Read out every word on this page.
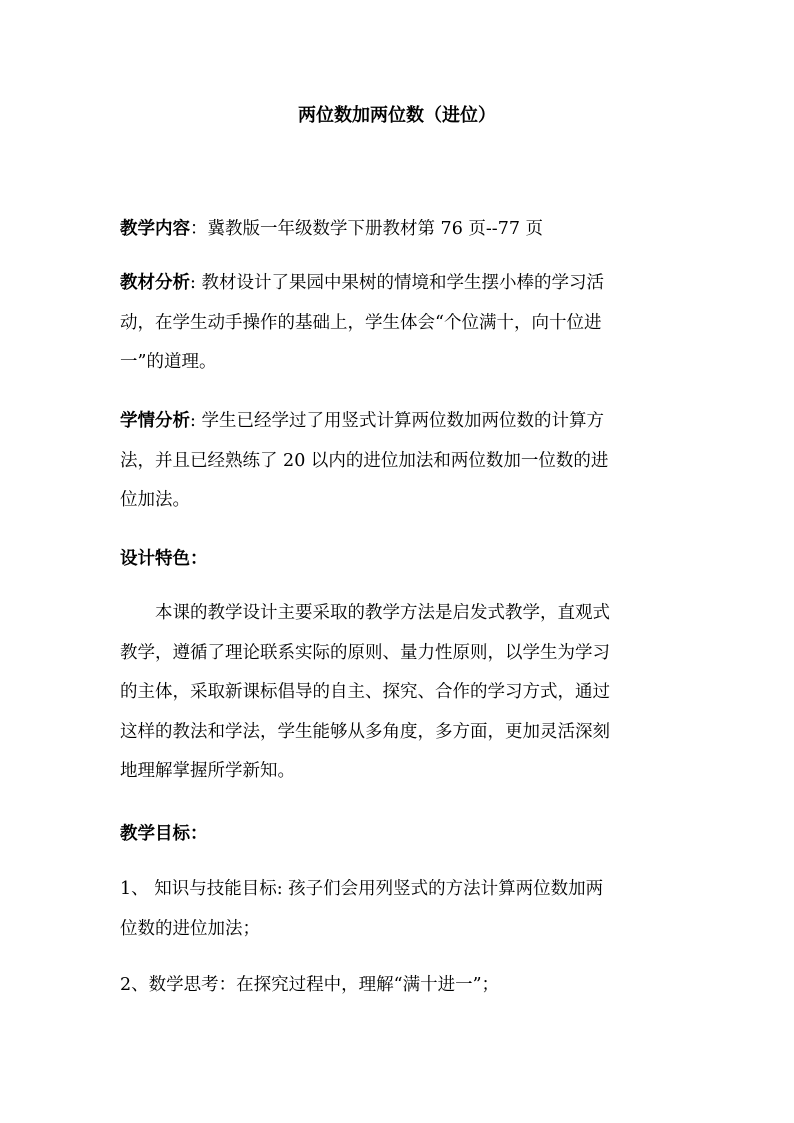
两位数加两位数（进位）
教学内容：冀教版一年级数学下册教材第 76 页--77 页
教材分析: 教材设计了果园中果树的情境和学生摆小棒的学习活
动，在学生动手操作的基础上，学生体会“个位满十，向十位进
一”的道理。
学情分析: 学生已经学过了用竖式计算两位数加两位数的计算方
法，并且已经熟练了 20 以内的进位加法和两位数加一位数的进
位加法。
设计特色：
本课的教学设计主要采取的教学方法是启发式教学，直观式
教学，遵循了理论联系实际的原则、量力性原则，以学生为学习
的主体，采取新课标倡导的自主、探究、合作的学习方式，通过
这样的教法和学法，学生能够从多角度，多方面，更加灵活深刻
地理解掌握所学新知。
教学目标：
1、 知识与技能目标: 孩子们会用列竖式的方法计算两位数加两
位数的进位加法；
2、数学思考：在探究过程中，理解“满十进一”；
